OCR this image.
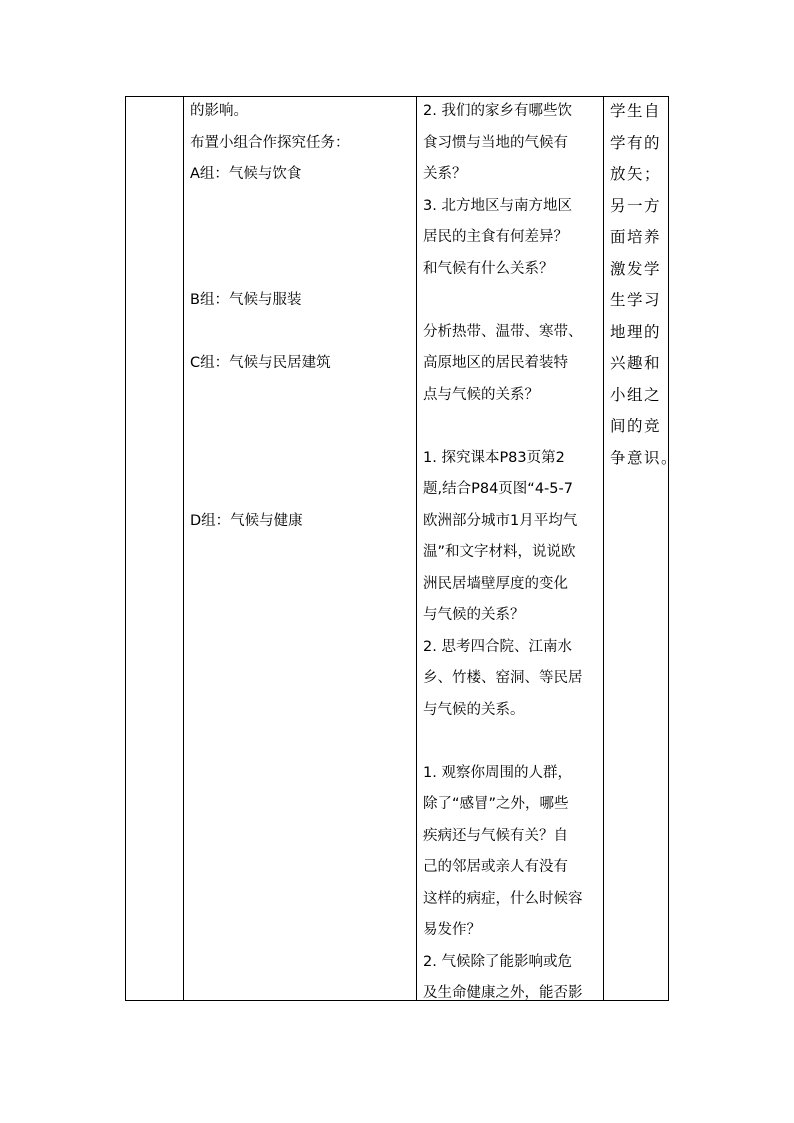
的影响。
布置小组合作探究任务：
A组：气候与饮食
B组：气候与服装
C组：气候与民居建筑
D组：气候与健康
2. 我们的家乡有哪些饮
食习惯与当地的气候有
关系？
3. 北方地区与南方地区
居民的主食有何差异？
和气候有什么关系？
分析热带、温带、寒带、
高原地区的居民着装特
点与气候的关系？
1. 探究课本P83页第2
题,结合P84页图“4-5-7
欧洲部分城市1月平均气
温”和文字材料，说说欧
洲民居墙壁厚度的变化
与气候的关系？
2. 思考四合院、江南水
乡、竹楼、窑洞、等民居
与气候的关系。
1. 观察你周围的人群，
除了“感冒”之外，哪些
疾病还与气候有关？自
己的邻居或亲人有没有
这样的病症，什么时候容
易发作？
2. 气候除了能影响或危
及生命健康之外，能否影
学生自
学有的
放矢；
另一方
面培养
激发学
生学习
地理的
兴趣和
小组之
间的竞
争意识。
